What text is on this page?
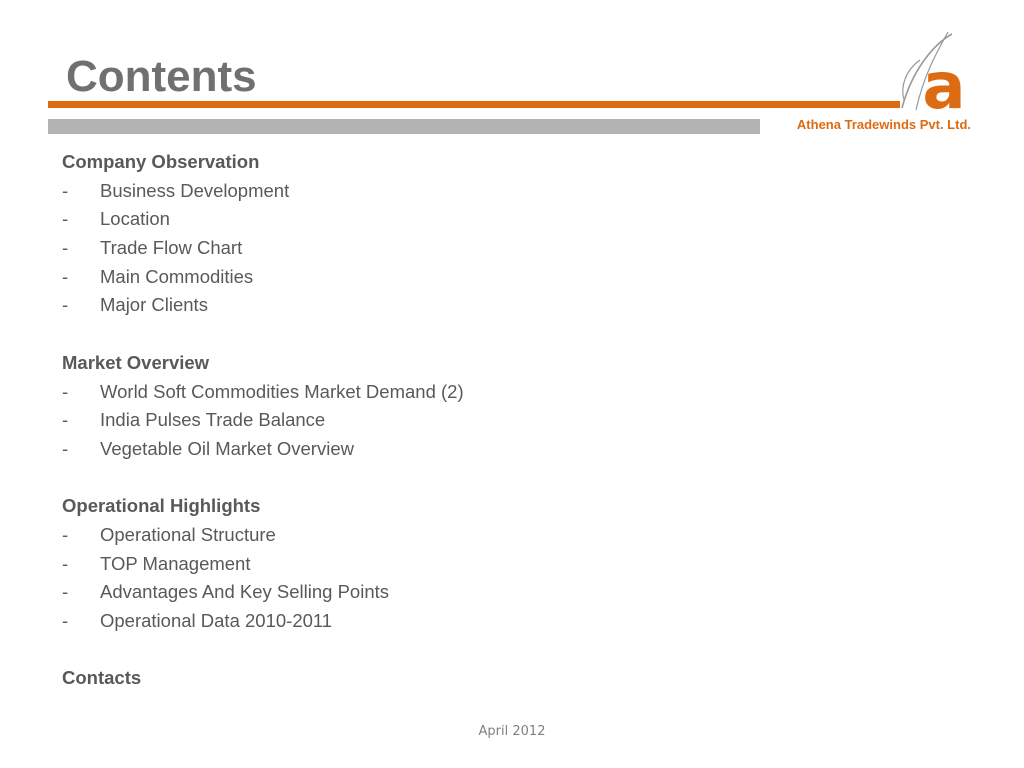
Contents	a
Athena Tradewinds Pvt. Ltd.
Company Observation
- Business Development
- Location
- Trade Flow Chart
- Main Commodities
- Major Clients
Market Overview
- World Soft Commodities Market Demand (2)
- India Pulses Trade Balance
- Vegetable Oil Market Overview
Operational Highlights
- Operational Structure
- TOP Management
- Advantages And Key Selling Points
- Operational Data 2010-2011
Contacts
April 2012
